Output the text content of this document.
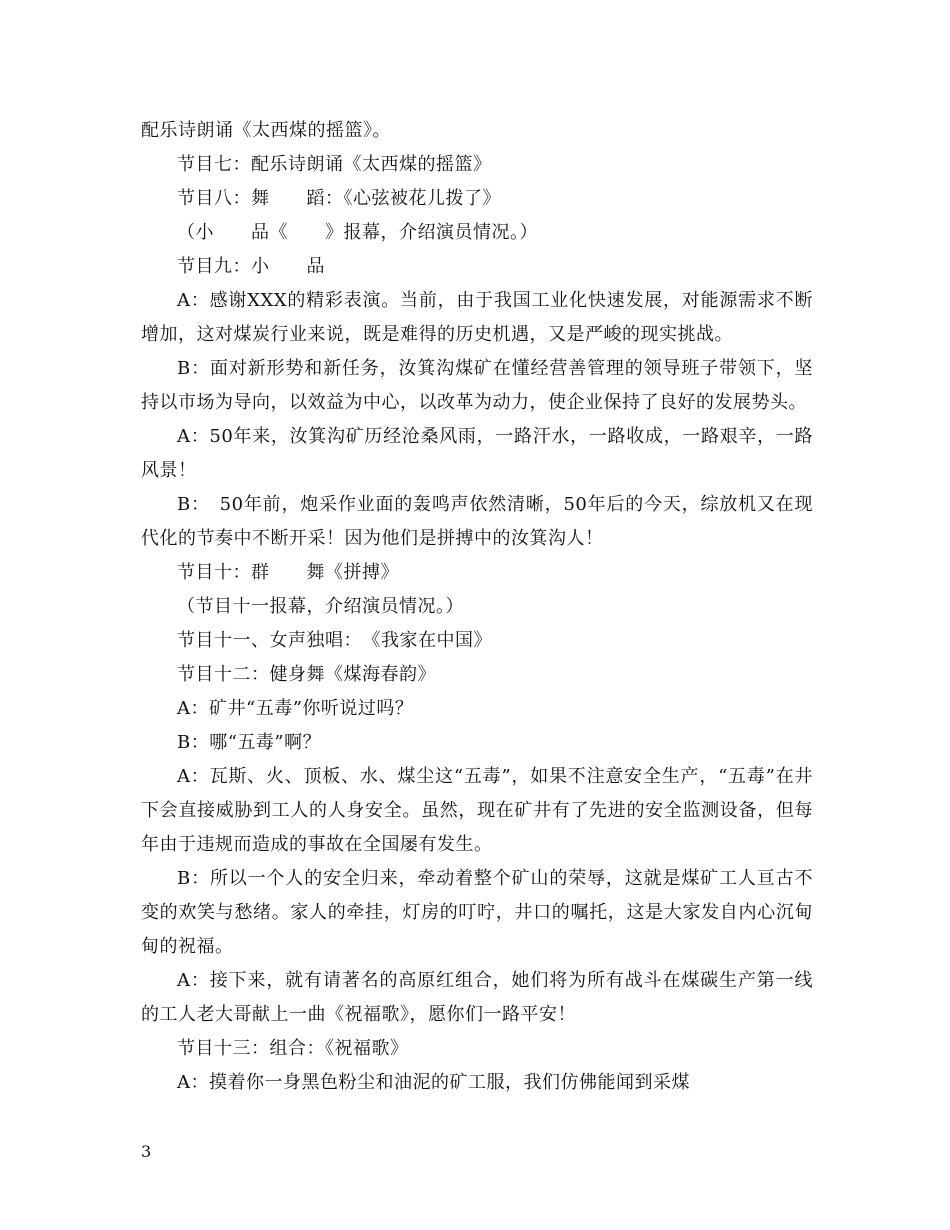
配乐诗朗诵《太西煤的摇篮》。

节目七：配乐诗朗诵《太西煤的摇篮》

节目八：舞　　蹈：《心弦被花儿拨了》

（小　　品《　　》报幕，介绍演员情况。）

节目九：小　　品

A：感谢XXX的精彩表演。当前，由于我国工业化快速发展，对能源需求不断增加，这对煤炭行业来说，既是难得的历史机遇，又是严峻的现实挑战。

B：面对新形势和新任务，汝箕沟煤矿在懂经营善管理的领导班子带领下，坚持以市场为导向，以效益为中心，以改革为动力，使企业保持了良好的发展势头。

A：50年来，汝箕沟矿历经沧桑风雨，一路汗水，一路收成，一路艰辛，一路风景！

B：　50年前，炮采作业面的轰鸣声依然清晰，50年后的今天，综放机又在现代化的节奏中不断开采！因为他们是拼搏中的汝箕沟人！

节目十：群　　舞《拼搏》

（节目十一报幕，介绍演员情况。）

节目十一、女声独唱：　《我家在中国》

节目十二：健身舞《煤海春韵》

A：矿井“五毒”你听说过吗？

B：哪“五毒”啊？

A：瓦斯、火、顶板、水、煤尘这“五毒”，如果不注意安全生产，“五毒”在井下会直接威胁到工人的人身安全。虽然，现在矿井有了先进的安全监测设备，但每年由于违规而造成的事故在全国屡有发生。

B：所以一个人的安全归来，牵动着整个矿山的荣辱，这就是煤矿工人亘古不变的欢笑与愁绪。家人的牵挂，灯房的叮咛，井口的嘱托，这是大家发自内心沉甸甸的祝福。

A：接下来，就有请著名的高原红组合，她们将为所有战斗在煤碳生产第一线的工人老大哥献上一曲《祝福歌》，愿你们一路平安！

节目十三：组合：《祝福歌》

A：摸着你一身黑色粉尘和油泥的矿工服，我们仿佛能闻到采煤

3
